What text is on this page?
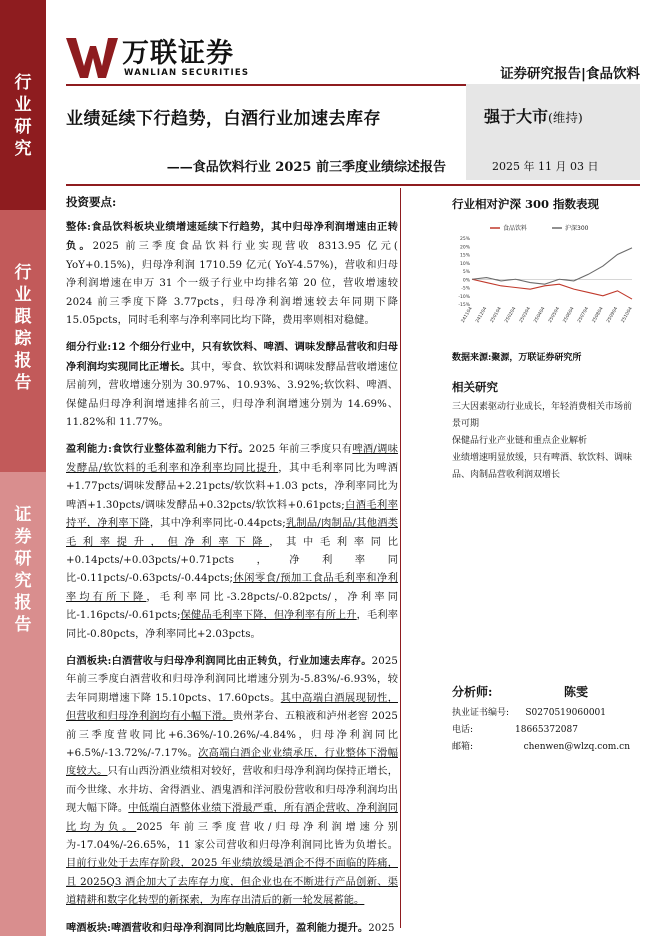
行
业
研
究
行
业
跟
踪
报
告
证
券
研
究
报
告
万联证券
WANLIAN SECURITIES	证券研究报告|食品饮料
业绩延续下行趋势，白酒行业加速去库存
——食品饮料行业 2025 前三季度业绩综述报告
强于大市(维持)
2025 年 11 月 03 日

投资要点:

整体:食品饮料板块业绩增速延续下行趋势，其中归母净利润增速由正转负。2025 前三季度食品饮料行业实现营收 8313.95 亿元( YoY+0.15%)，归母净利润 1710.59 亿元( YoY-4.57%)，营收和归母净利润增速在申万 31 个一级子行业中均排名第 20 位，营收增速较 2024 前三季度下降 3.77pcts，归母净利润增速较去年同期下降 15.05pcts，同时毛利率与净利率同比均下降，费用率则相对稳健。

细分行业:12 个细分行业中，只有软饮料、啤酒、调味发酵品营收和归母净利润均实现同比正增长。其中，零食、软饮料和调味发酵品营收增速位居前列，营收增速分别为 30.97%、10.93%、3.92%;软饮料、啤酒、保健品归母净利润增速排名前三，归母净利润增速分别为 14.69%、11.82%和 11.77%。

盈利能力:食饮行业整体盈利能力下行。2025 年前三季度只有啤酒/调味发酵品/软饮料的毛利率和净利率均同比提升，其中毛利率同比为啤酒+1.77pcts/调味发酵品+2.21pcts/软饮料+1.03 pcts，净利率同比为啤酒+1.30pcts/调味发酵品+0.32pcts/软饮料+0.61pcts;白酒毛利率持平，净利率下降，其中净利率同比-0.44pcts;乳制品/肉制品/其他酒类毛利率提升，但净利率下降，其中毛利率同比+0.14pcts/+0.03pcts/+0.71pcts，净利率同比-0.11pcts/-0.63pcts/-0.44pcts;休闲零食/预加工食品毛利率和净利率均有所下降，毛利率同比-3.28pcts/-0.82pcts/，净利率同比-1.16pcts/-0.61pcts;保健品毛利率下降，但净利率有所上升，毛利率同比-0.80pcts，净利率同比+2.03pcts。

白酒板块:白酒营收与归母净利润同比由正转负，行业加速去库存。2025 年前三季度白酒营收和归母净利润同比增速分别为-5.83%/-6.93%，较去年同期增速下降 15.10pcts、17.60pcts。其中高端白酒展现韧性，但营收和归母净利润均有小幅下滑。贵州茅台、五粮液和泸州老窖 2025 前三季度营收同比+6.36%/-10.26%/-4.84%，归母净利润同比+6.5%/-13.72%/-7.17%。次高端白酒企业业绩承压，行业整体下滑幅度较大。只有山西汾酒业绩相对较好，营收和归母净利润均保持正增长，而今世缘、水井坊、舍得酒业、酒鬼酒和洋河股份营收和归母净利润均出现大幅下降。中低端白酒整体业绩下滑最严重，所有酒企营收、净利润同比均为负。2025 年前三季度营收/归母净利润增速分别为-17.04%/-26.65%，11 家公司营收和归母净利润同比皆为负增长。目前行业处于去库存阶段，2025 年业绩放缓是酒企不得不面临的阵痛，且 2025Q3 酒企加大了去库存力度，但企业也在不断进行产品创新、渠道精耕和数字化转型的新探索，为库存出清后的新一轮发展蓄能。

啤酒板块:啤酒营收和归母净利润同比均触底回升，盈利能力提升。2025

行业相对沪深 300 指数表现

25%
20%
15%
10%
5%
0%
-5%
-10%
-15%
241104 241204 250104 250204 250304 250404 250504 250604 250704 250804 250904 251004
食品饮料	沪深300

数据来源:聚源，万联证券研究所

相关研究

三大因素驱动行业成长，年轻消费相关市场前景可期

保健品行业产业链和重点企业解析

业绩增速明显放缓，只有啤酒、软饮料、调味品、肉制品营收利润双增长

分析师:	陈雯
执业证书编号: S0270519060001
电话:	18665372087
邮箱:	chenwen@wlzq.com.cn
